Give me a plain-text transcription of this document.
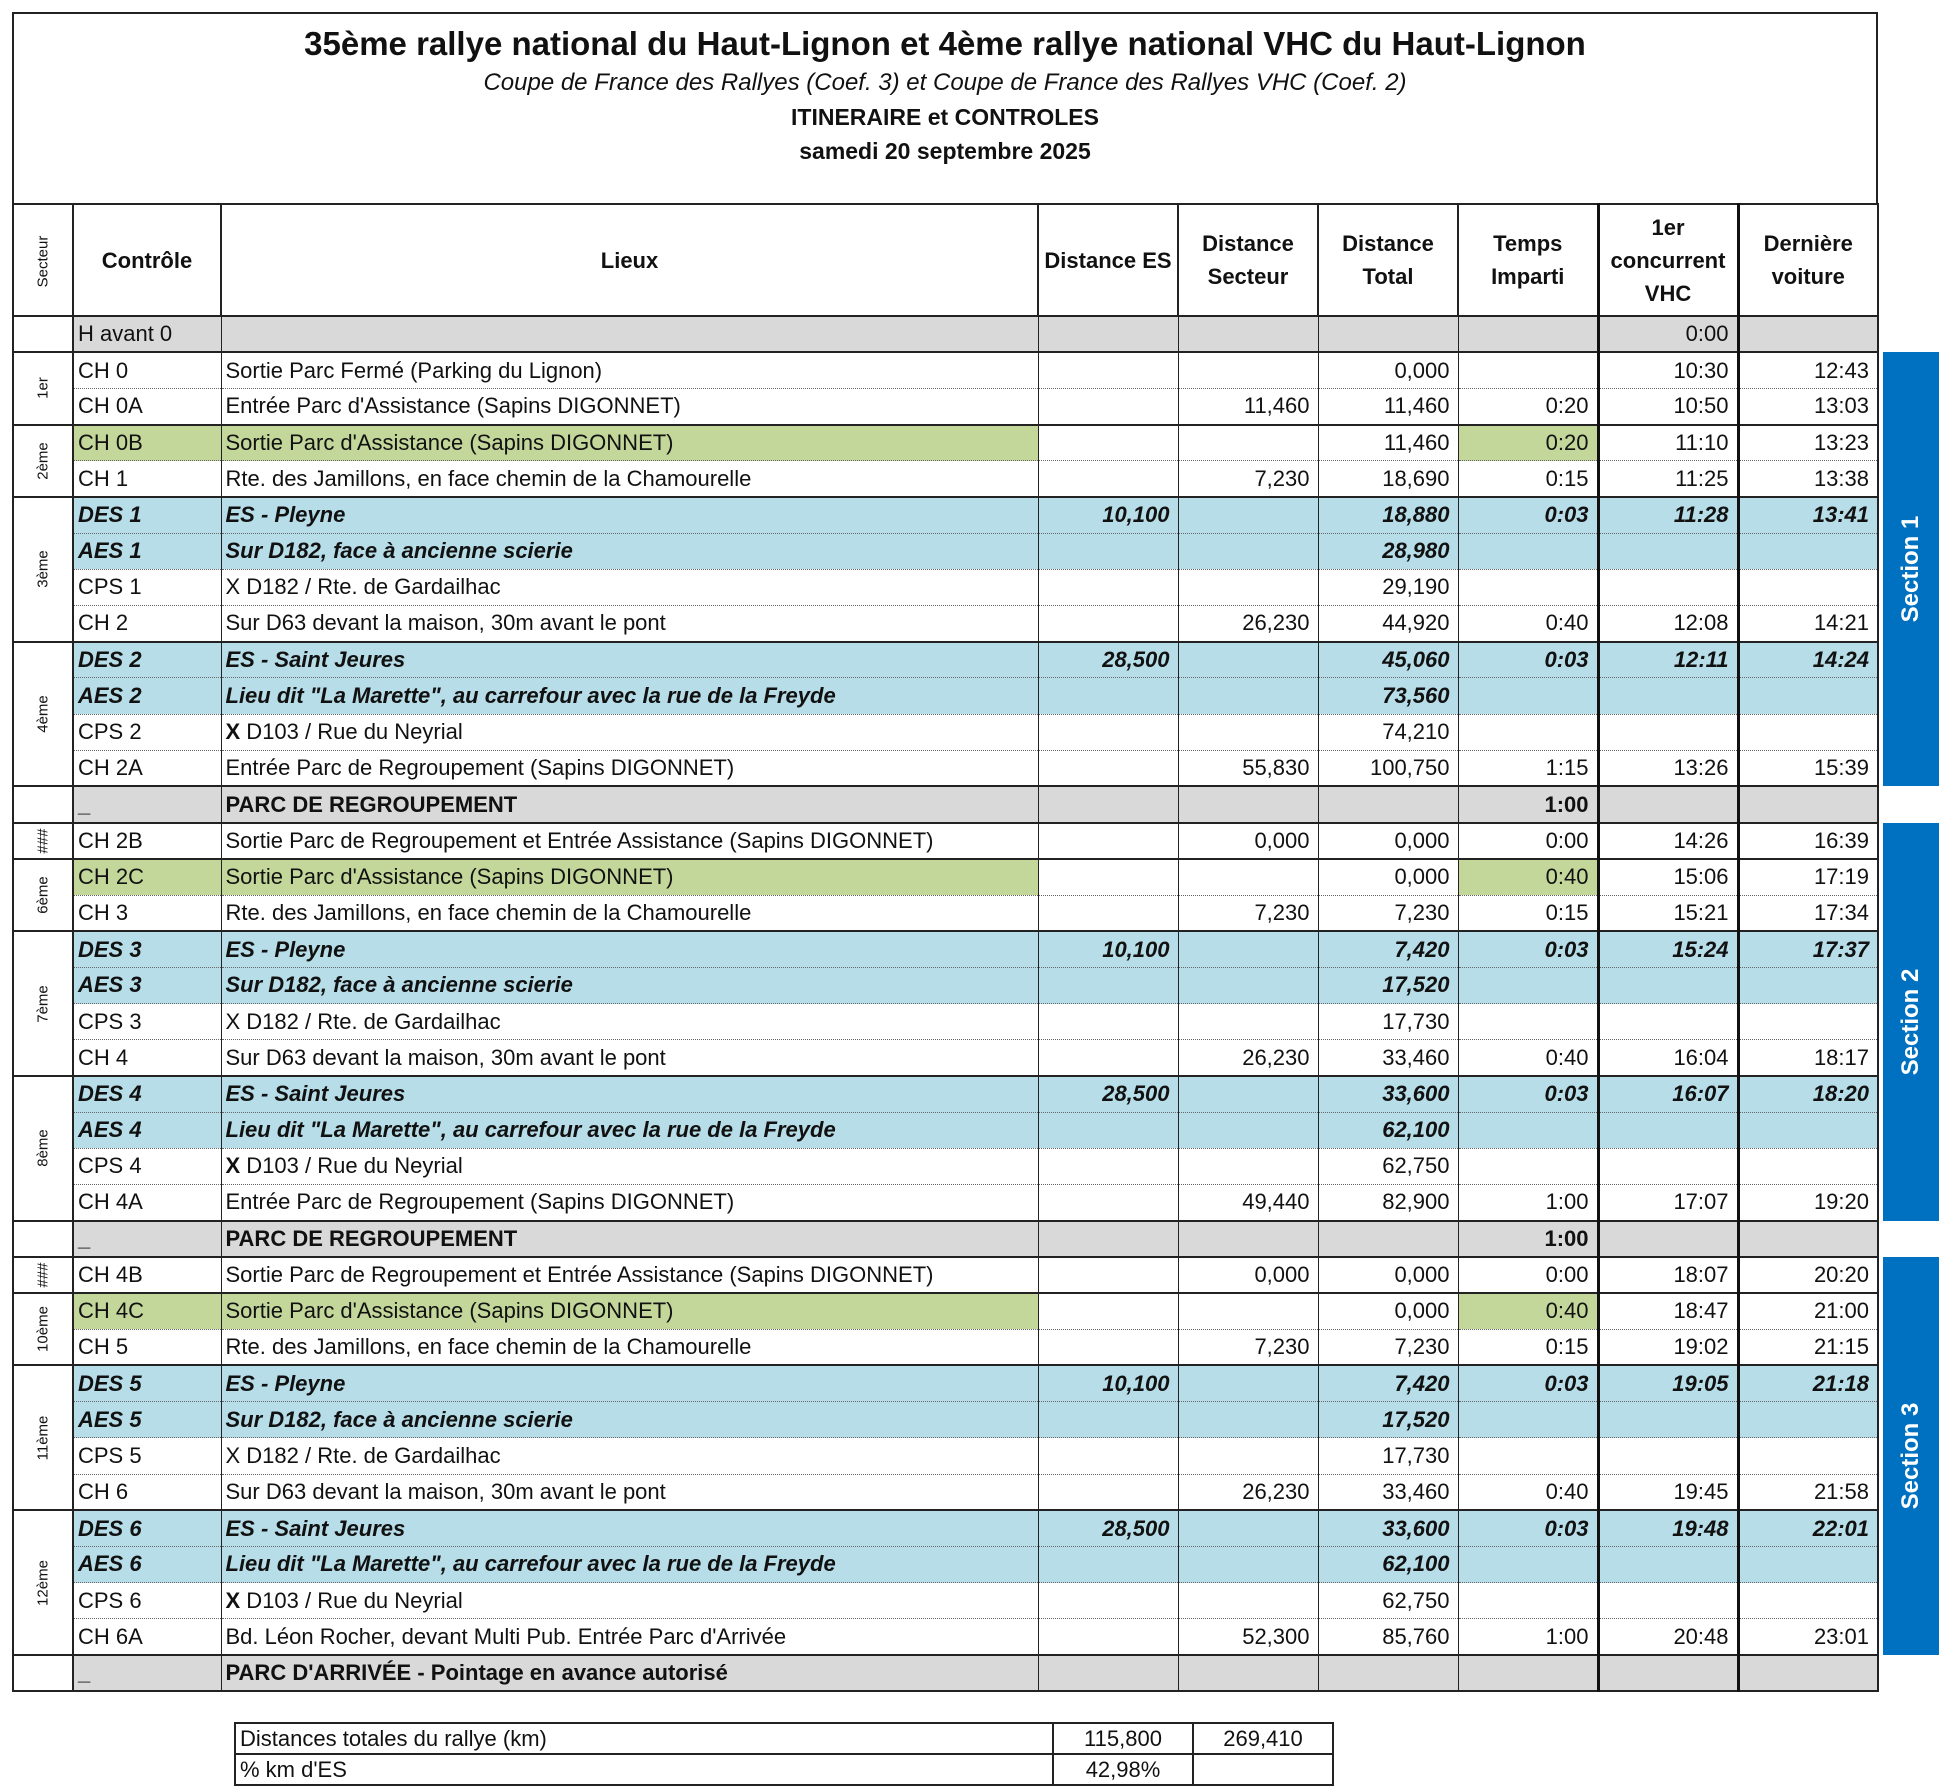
35ème rallye national du Haut-Lignon et 4ème rallye national VHC du Haut-Lignon
Coupe de France des Rallyes (Coef. 3) et Coupe de France des Rallyes VHC (Coef. 2)
ITINERAIRE et CONTROLES
samedi 20 septembre 2025
Secteur	Contrôle	Lieux	Distance ES	Distance Secteur	Distance Total	Temps Imparti	1er concurrent VHC	Dernière voiture	

	H avant 0						0:00		

1er	CH 0	Sortie Parc Fermé (Parking du Lignon)			0,000		10:30	12:43	Section 1

	CH 0A	Entrée Parc d'Assistance (Sapins DIGONNET)		11,460	11,460	0:20	10:50	13:03	

2ème	CH 0B	Sortie Parc d'Assistance (Sapins DIGONNET)			11,460	0:20	11:10	13:23	
	CH 1	Rte. des Jamillons, en face chemin de la Chamourelle		7,230	18,690	0:15	11:25	13:38	

3ème	DES 1	ES - Pleyne	10,100		18,880	0:03	11:28	13:41	
	AES 1	Sur D182, face à ancienne scierie			28,980				
	CPS 1	X D182 / Rte. de Gardailhac			29,190				
	CH 2	Sur D63 devant la maison, 30m avant le pont		26,230	44,920	0:40	12:08	14:21	

4ème	DES 2	ES - Saint Jeures	28,500		45,060	0:03	12:11	14:24	
	AES 2	Lieu dit "La Marette", au carrefour avec la rue de la Freyde			73,560				
	CPS 2	X D103 / Rue du Neyrial			74,210				
	CH 2A	Entrée Parc de Regroupement (Sapins DIGONNET)		55,830	100,750	1:15	13:26	15:39	

	_	PARC DE REGROUPEMENT				1:00			

###	CH 2B	Sortie Parc de Regroupement et Entrée Assistance (Sapins DIGONNET)		0,000	0,000	0:00	14:26	16:39	Section 2

6ème	CH 2C	Sortie Parc d'Assistance (Sapins DIGONNET)			0,000	0:40	15:06	17:19	
	CH 3	Rte. des Jamillons, en face chemin de la Chamourelle		7,230	7,230	0:15	15:21	17:34	

7ème	DES 3	ES - Pleyne	10,100		7,420	0:03	15:24	17:37	
	AES 3	Sur D182, face à ancienne scierie			17,520				
	CPS 3	X D182 / Rte. de Gardailhac			17,730				
	CH 4	Sur D63 devant la maison, 30m avant le pont		26,230	33,460	0:40	16:04	18:17	

8ème	DES 4	ES - Saint Jeures	28,500		33,600	0:03	16:07	18:20	
	AES 4	Lieu dit "La Marette", au carrefour avec la rue de la Freyde			62,100				
	CPS 4	X D103 / Rue du Neyrial			62,750				
	CH 4A	Entrée Parc de Regroupement (Sapins DIGONNET)		49,440	82,900	1:00	17:07	19:20	

	_	PARC DE REGROUPEMENT				1:00			

###	CH 4B	Sortie Parc de Regroupement et Entrée Assistance (Sapins DIGONNET)		0,000	0,000	0:00	18:07	20:20	Section 3

10ème	CH 4C	Sortie Parc d'Assistance (Sapins DIGONNET)			0,000	0:40	18:47	21:00	
	CH 5	Rte. des Jamillons, en face chemin de la Chamourelle		7,230	7,230	0:15	19:02	21:15	

11ème	DES 5	ES - Pleyne	10,100		7,420	0:03	19:05	21:18	
	AES 5	Sur D182, face à ancienne scierie			17,520				
	CPS 5	X D182 / Rte. de Gardailhac			17,730				
	CH 6	Sur D63 devant la maison, 30m avant le pont		26,230	33,460	0:40	19:45	21:58	

12ème	DES 6	ES - Saint Jeures	28,500		33,600	0:03	19:48	22:01	
	AES 6	Lieu dit "La Marette", au carrefour avec la rue de la Freyde			62,100				
	CPS 6	X D103 / Rue du Neyrial			62,750				
	CH 6A	Bd. Léon Rocher, devant Multi Pub. Entrée Parc d'Arrivée		52,300	85,760	1:00	20:48	23:01	

	_	PARC D'ARRIVÉE - Pointage en avance autorisé							
Distances totales du rallye (km)	115,800	269,410
% km d'ES	42,98%	
